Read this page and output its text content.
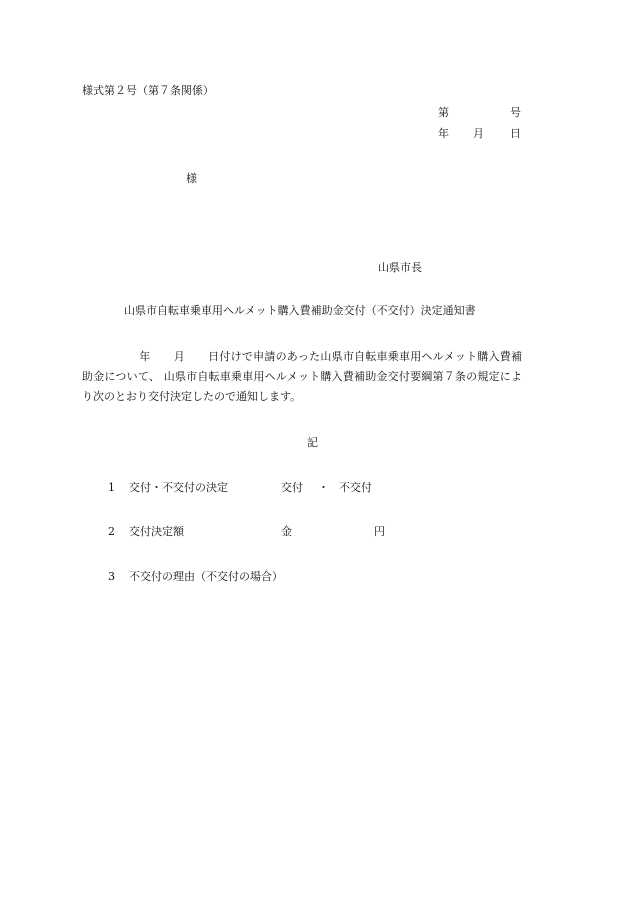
様式第２号（第７条関係）
第	号
年 月 日
様
山県市長
山県市自転車乗車用ヘルメット購入費補助金交付（不交付）決定通知書
年 月 日付けで申請のあった山県市自転車乗車用ヘルメット購入費補助金について、 山県市自転車乗車用ヘルメット購入費補助金交付要綱第７条の規定により次のとおり交付決定したので通知します。
記
1 交付・不交付の決定	交付 ・ 不交付
2 交付決定額	金	円
3 不交付の理由（不交付の場合）
